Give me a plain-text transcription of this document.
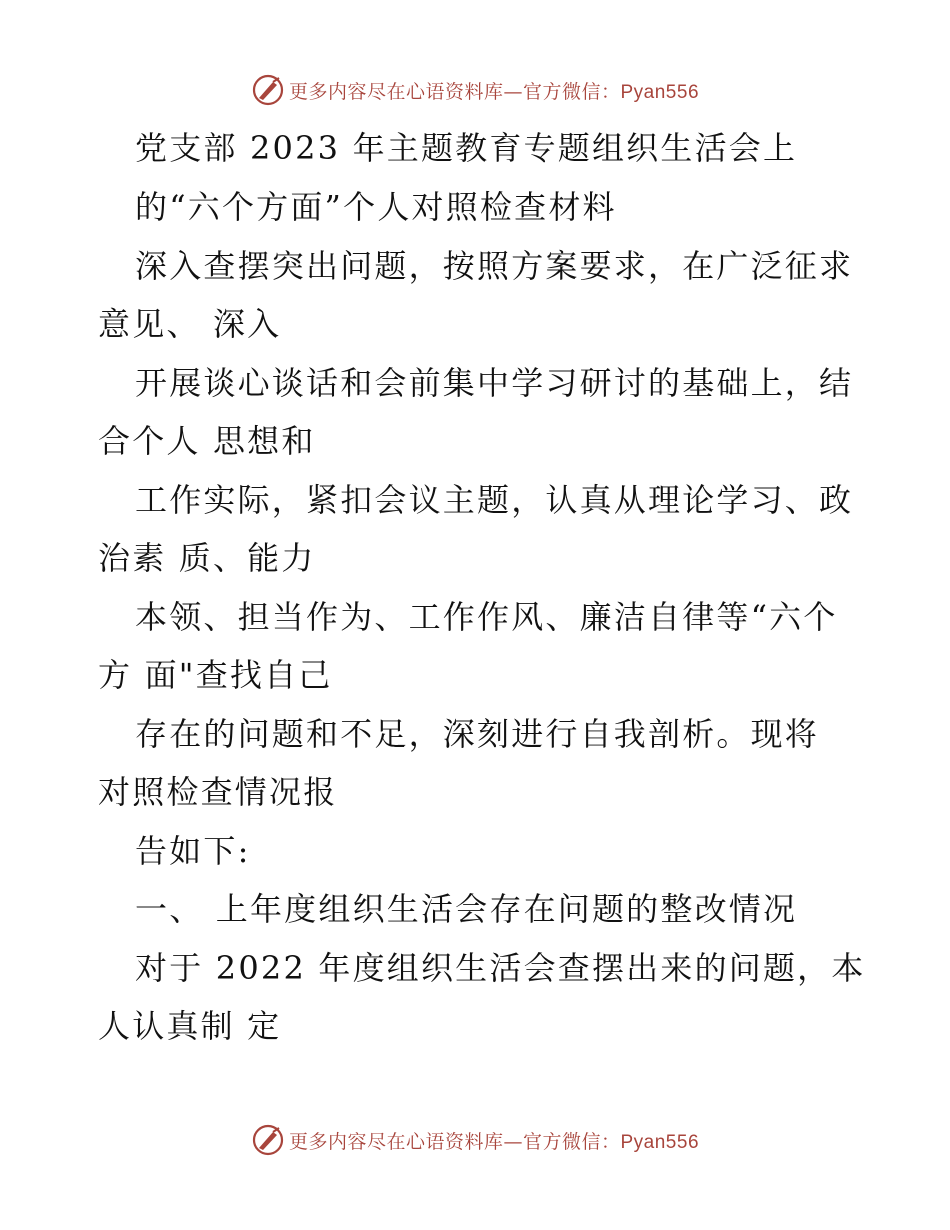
更多内容尽在心语资料库—官方微信：Pyan556
党支部 2023 年主题教育专题组织生活会上
的“六个方面”个人对照检查材料
深入查摆突出问题，按照方案要求，在广泛征求
意见、 深入
开展谈心谈话和会前集中学习研讨的基础上，结
合个人 思想和
工作实际，紧扣会议主题，认真从理论学习、政
治素 质、能力
本领、担当作为、工作作风、廉洁自律等“六个
方 面"查找自己
存在的问题和不足，深刻进行自我剖析。现将
对照检查情况报
告如下:
一、 上年度组织生活会存在问题的整改情况
对于 2022 年度组织生活会查摆出来的问题，本
人认真制 定
更多内容尽在心语资料库—官方微信：Pyan556
